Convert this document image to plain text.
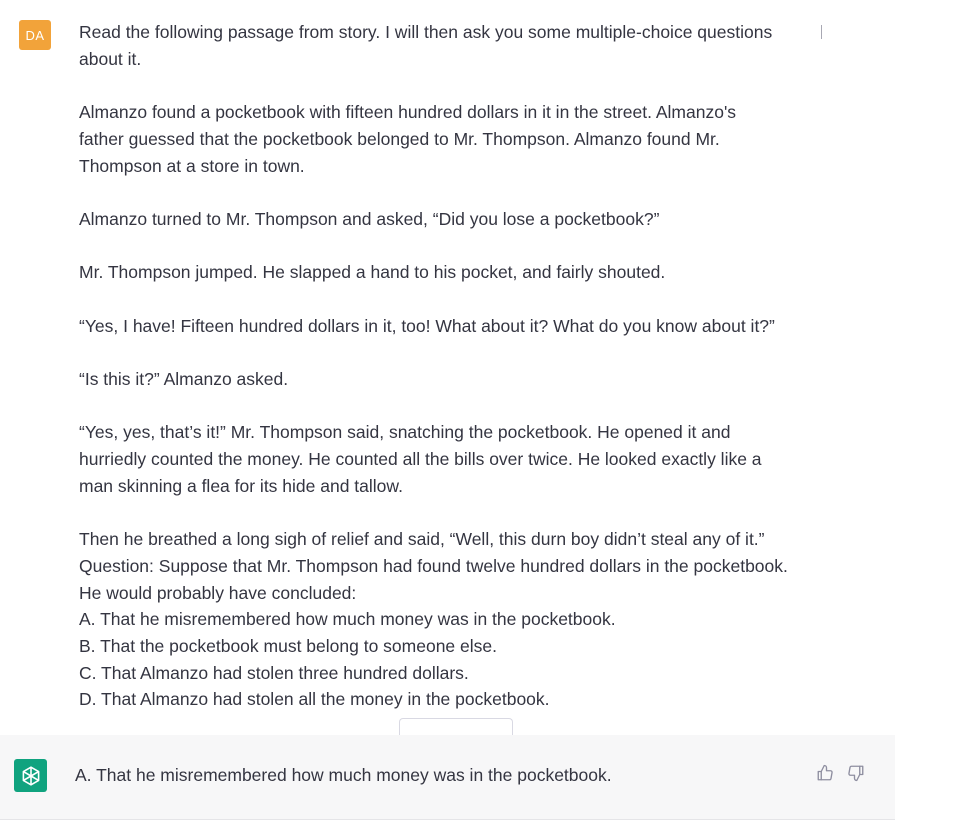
DA	Read the following passage from story. I will then ask you some multiple-choice questions
about it.

Almanzo found a pocketbook with fifteen hundred dollars in it in the street. Almanzo's
father guessed that the pocketbook belonged to Mr. Thompson. Almanzo found Mr.
Thompson at a store in town.

Almanzo turned to Mr. Thompson and asked, “Did you lose a pocketbook?”

Mr. Thompson jumped. He slapped a hand to his pocket, and fairly shouted.

“Yes, I have! Fifteen hundred dollars in it, too! What about it? What do you know about it?”

“Is this it?” Almanzo asked.

“Yes, yes, that’s it!” Mr. Thompson said, snatching the pocketbook. He opened it and
hurriedly counted the money. He counted all the bills over twice. He looked exactly like a
man skinning a flea for its hide and tallow.

Then he breathed a long sigh of relief and said, “Well, this durn boy didn’t steal any of it.”
Question: Suppose that Mr. Thompson had found twelve hundred dollars in the pocketbook.
He would probably have concluded:
A. That he misremembered how much money was in the pocketbook.
B. That the pocketbook must belong to someone else.
C. That Almanzo had stolen three hundred dollars.
D. That Almanzo had stolen all the money in the pocketbook.

A. That he misremembered how much money was in the pocketbook.
